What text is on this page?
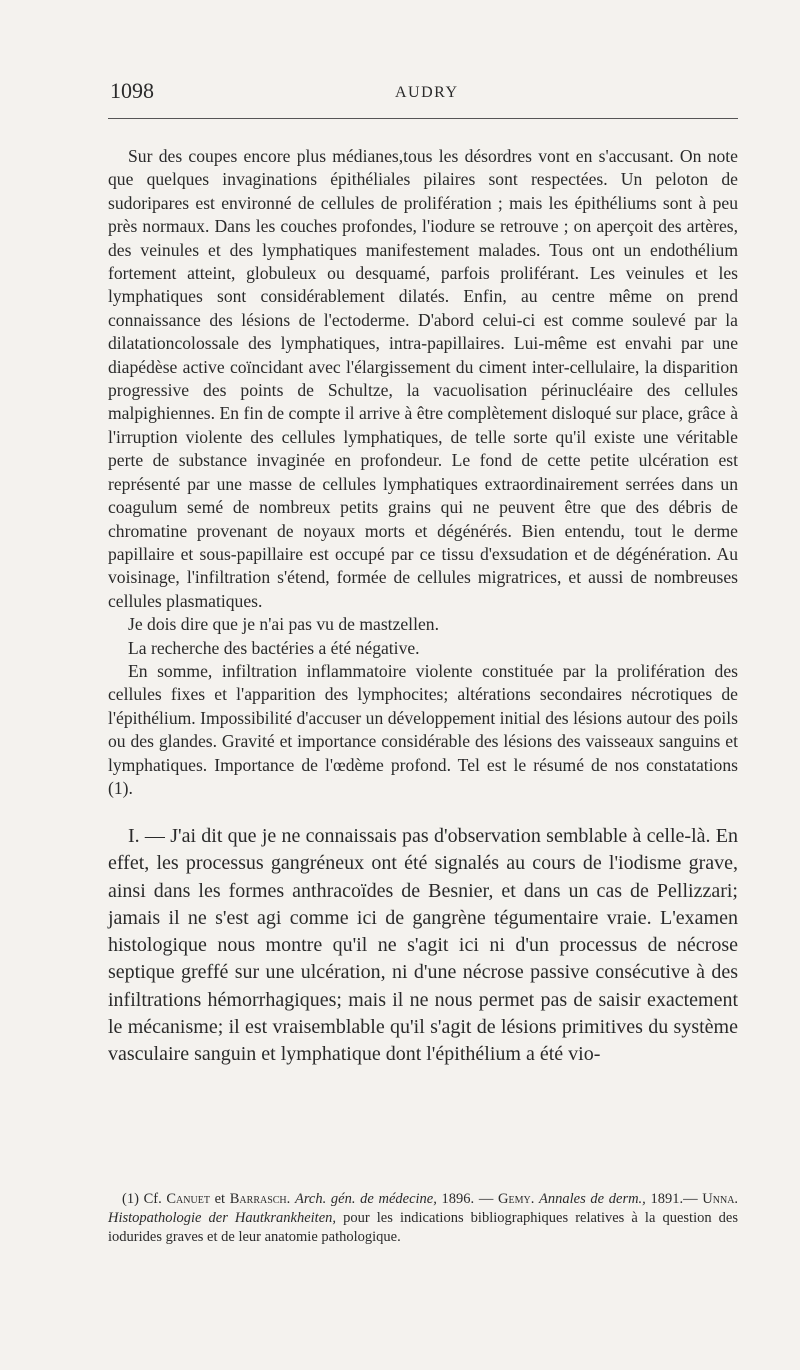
1098	AUDRY

Sur des coupes encore plus médianes,tous les désordres vont en s'accusant. On note que quelques invaginations épithéliales pilaires sont respectées. Un peloton de sudoripares est environné de cellules de prolifération ; mais les épithéliums sont à peu près normaux. Dans les couches profondes, l'iodure se retrouve ; on aperçoit des artères, des veinules et des lymphatiques manifestement malades. Tous ont un endothélium fortement atteint, globuleux ou desquamé, parfois proliférant. Les veinules et les lymphatiques sont considérablement dilatés. Enfin, au centre même on prend connaissance des lésions de l'ectoderme. D'abord celui-ci est comme soulevé par la dilatationcolossale des lymphatiques, intra-papillaires. Lui-même est envahi par une diapédèse active coïncidant avec l'élargissement du ciment inter-cellulaire, la disparition progressive des points de Schultze, la vacuolisation périnucléaire des cellules malpighiennes. En fin de compte il arrive à être complètement disloqué sur place, grâce à l'irruption violente des cellules lymphatiques, de telle sorte qu'il existe une véritable perte de substance invaginée en profondeur. Le fond de cette petite ulcération est représenté par une masse de cellules lymphatiques extraordinairement serrées dans un coagulum semé de nombreux petits grains qui ne peuvent être que des débris de chromatine provenant de noyaux morts et dégénérés. Bien entendu, tout le derme papillaire et sous-papillaire est occupé par ce tissu d'exsudation et de dégénération. Au voisinage, l'infiltration s'étend, formée de cellules migratrices, et aussi de nombreuses cellules plasmatiques.

Je dois dire que je n'ai pas vu de mastzellen.

La recherche des bactéries a été négative.

En somme, infiltration inflammatoire violente constituée par la prolifération des cellules fixes et l'apparition des lymphocites; altérations secondaires nécrotiques de l'épithélium. Impossibilité d'accuser un développement initial des lésions autour des poils ou des glandes. Gravité et importance considérable des lésions des vaisseaux sanguins et lymphatiques. Importance de l'œdème profond. Tel est le résumé de nos constatations (1).

I. — J'ai dit que je ne connaissais pas d'observation semblable à celle-là. En effet, les processus gangréneux ont été signalés au cours de l'iodisme grave, ainsi dans les formes anthracoïdes de Besnier, et dans un cas de Pellizzari; jamais il ne s'est agi comme ici de gangrène tégumentaire vraie. L'examen histologique nous montre qu'il ne s'agit ici ni d'un processus de nécrose septique greffé sur une ulcération, ni d'une nécrose passive consécutive à des infiltrations hémorrhagiques; mais il ne nous permet pas de saisir exactement le mécanisme; il est vraisemblable qu'il s'agit de lésions primitives du système vasculaire sanguin et lymphatique dont l'épithélium a été vio-

(1) Cf. Canuet et Barrasch. Arch. gén. de médecine, 1896. — Gemy. Annales de derm., 1891.— Unna. Histopathologie der Hautkrankheiten, pour les indications bibliographiques relatives à la question des iodurides graves et de leur anatomie pathologique.
